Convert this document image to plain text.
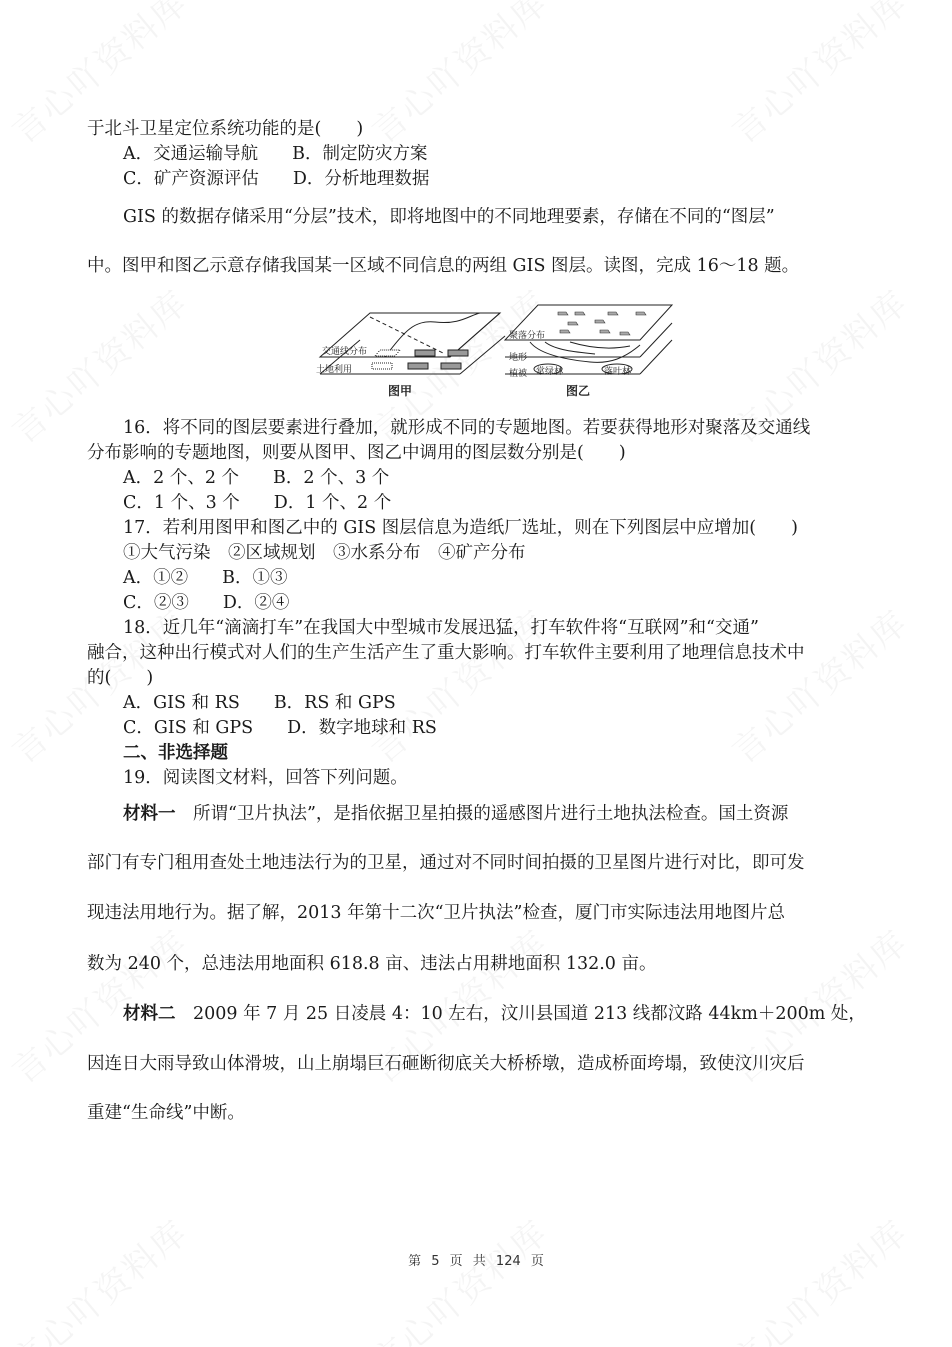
于北斗卫星定位系统功能的是(　　)
A．交通运输导航 B．制定防灾方案
C．矿产资源评估 D．分析地理数据
GIS 的数据存储采用“分层”技术，即将地图中的不同地理要素，存储在不同的“图层”
中。图甲和图乙示意存储我国某一区域不同信息的两组 GIS 图层。读图，完成 16～18 题。
交通线分布
土地利用
聚落分布
地形
植被 常绿林	落叶林
图甲	图乙
16．将不同的图层要素进行叠加，就形成不同的专题地图。若要获得地形对聚落及交通线
分布影响的专题地图，则要从图甲、图乙中调用的图层数分别是(　　)
A．2 个、2 个 B．2 个、3 个
C．1 个、3 个 D．1 个、2 个
17．若利用图甲和图乙中的 GIS 图层信息为造纸厂选址，则在下列图层中应增加(　　)
①大气污染　②区域规划　③水系分布　④矿产分布
A．①② B．①③
C．②③ D．②④
18．近几年“滴滴打车”在我国大中型城市发展迅猛，打车软件将“互联网”和“交通”
融合，这种出行模式对人们的生产生活产生了重大影响。打车软件主要利用了地理信息技术中
的(　　)
A．GIS 和 RS B．RS 和 GPS
C．GIS 和 GPS D．数字地球和 RS
二、非选择题
19．阅读图文材料，回答下列问题。
材料一　 所谓“卫片执法”，是指依据卫星拍摄的遥感图片进行土地执法检查。国土资源
部门有专门租用查处土地违法行为的卫星，通过对不同时间拍摄的卫星图片进行对比，即可发
现违法用地行为。据了解，2013 年第十二次“卫片执法”检查，厦门市实际违法用地图片总
数为 240 个，总违法用地面积 618.8 亩、违法占用耕地面积 132.0 亩。
材料二　 2009 年 7 月 25 日凌晨 4：10 左右，汶川县国道 213 线都汶路 44km＋200m 处，
因连日大雨导致山体滑坡，山上崩塌巨石砸断彻底关大桥桥墩，造成桥面垮塌，致使汶川灾后
重建“生命线”中断。
第 5 页 共 124 页
